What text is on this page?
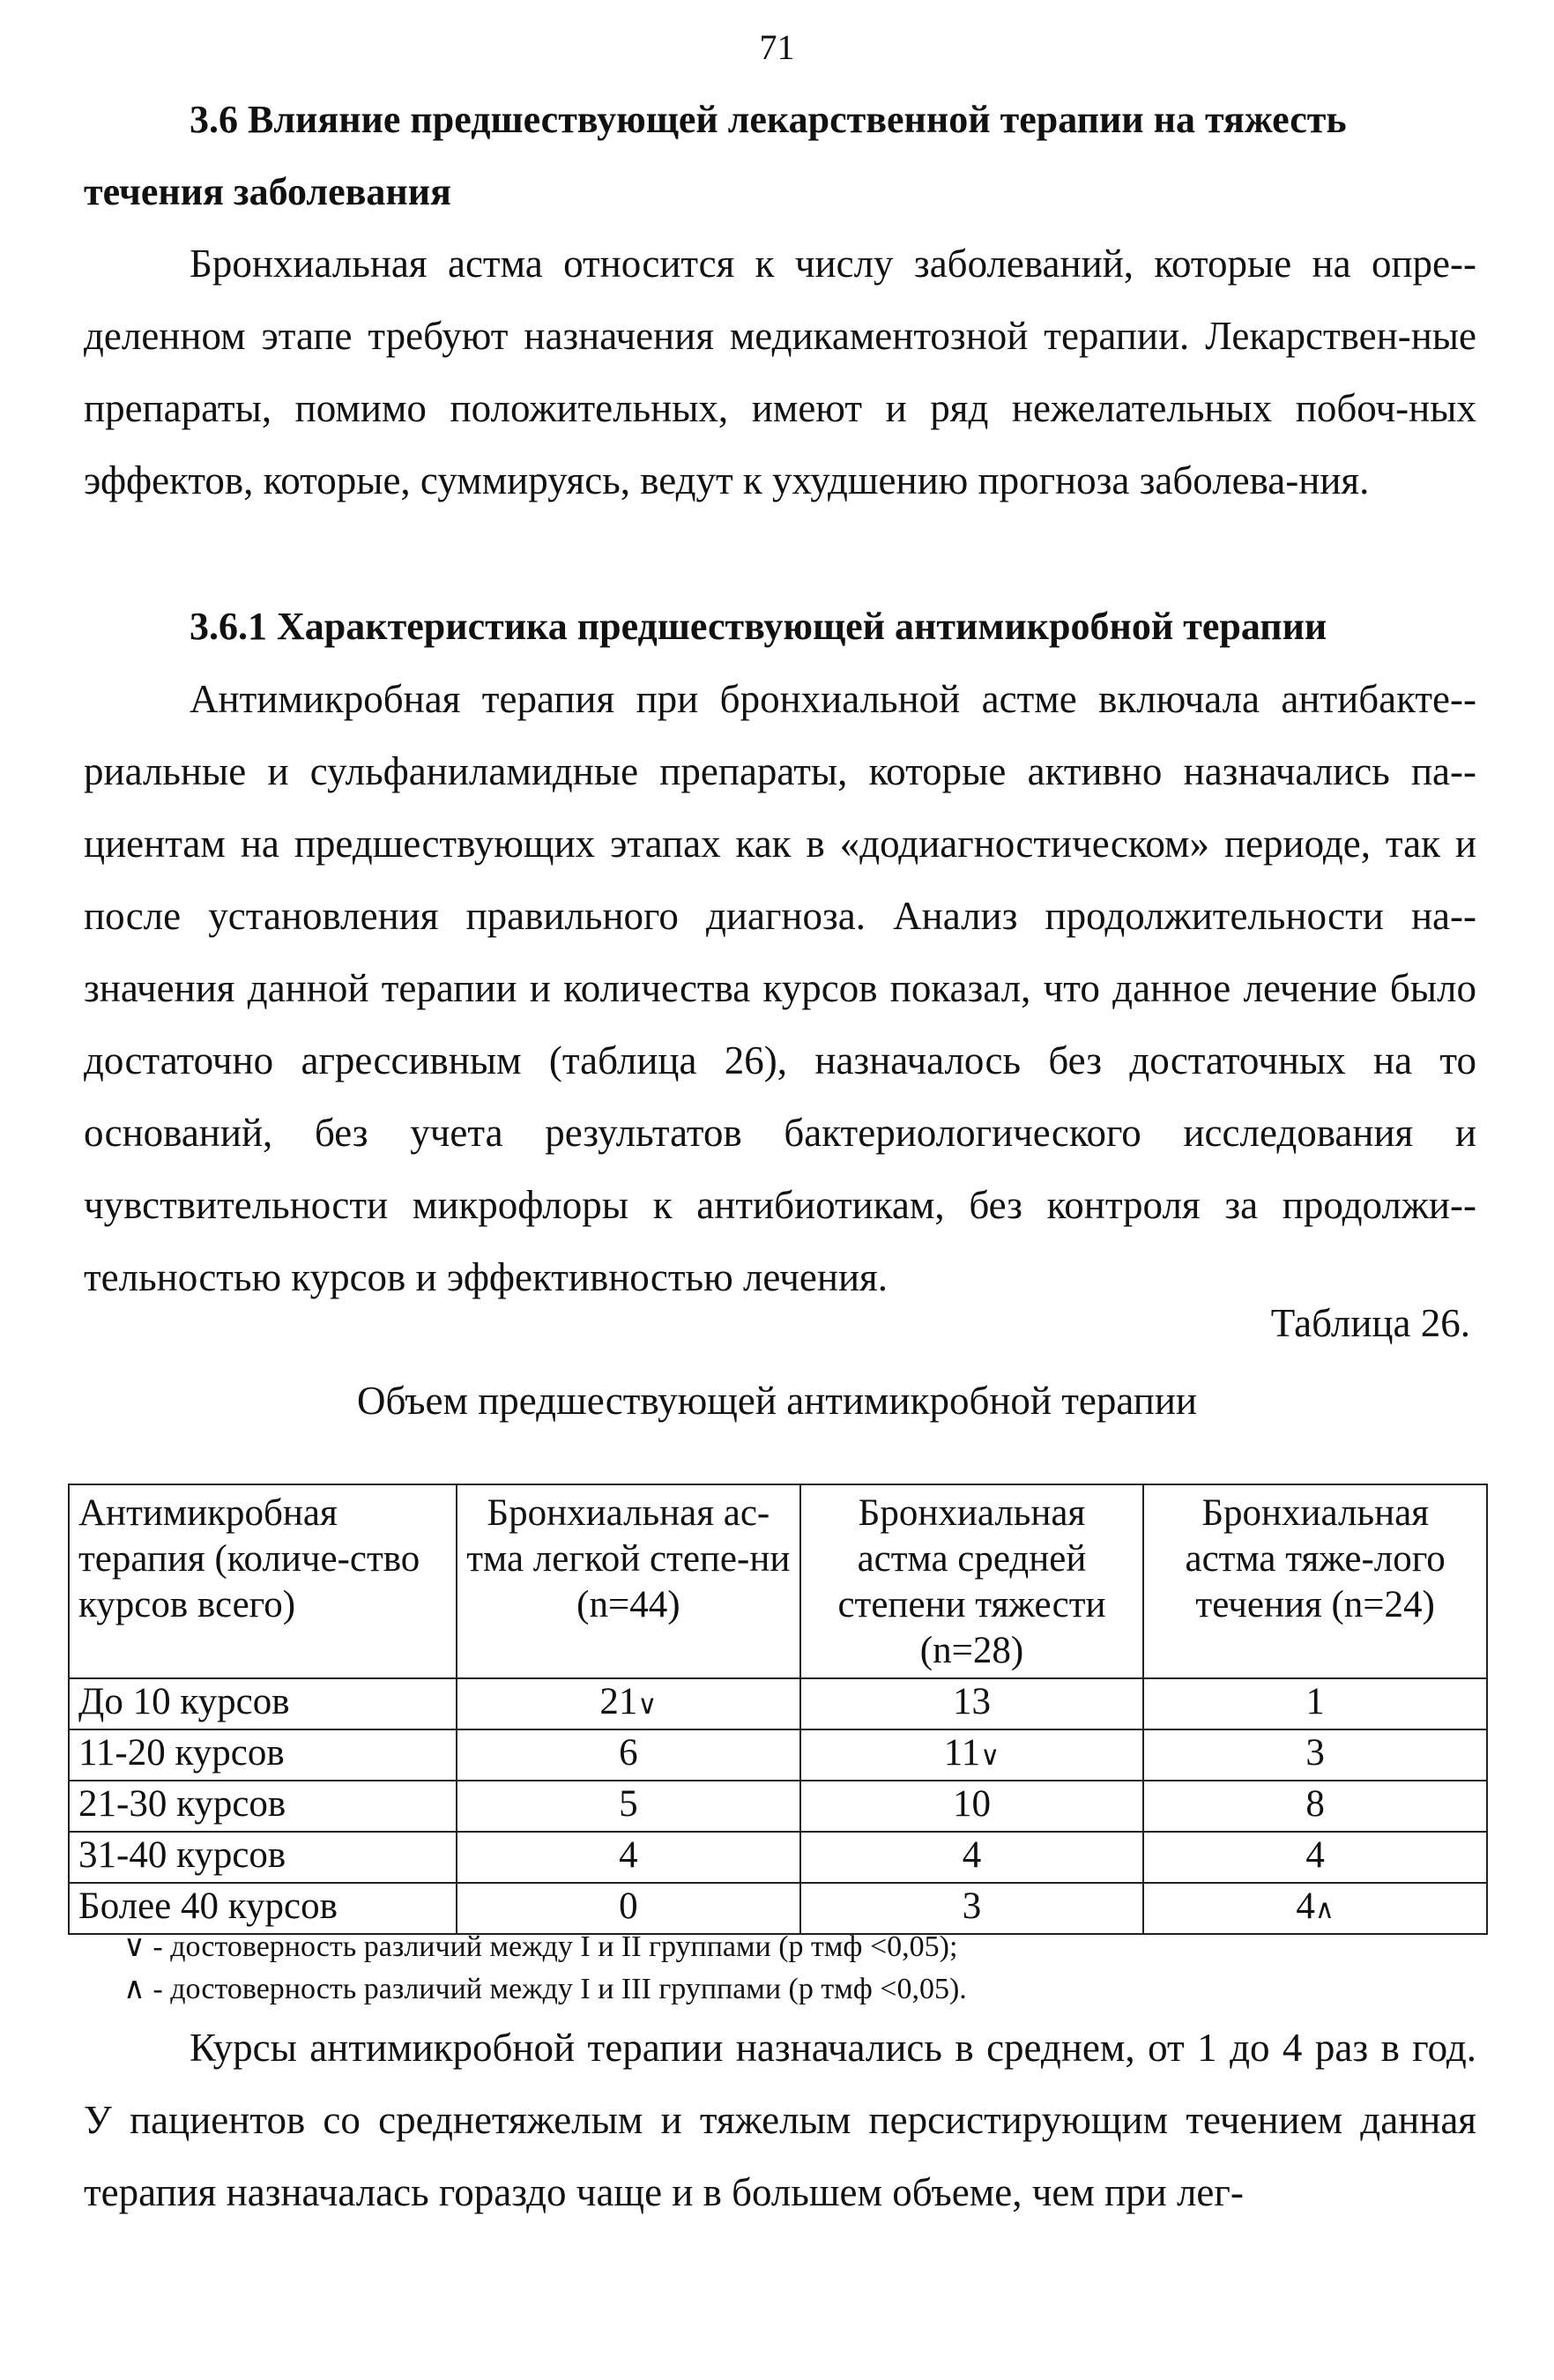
71
3.6 Влияние предшествующей лекарственной терапии на тяжесть течения заболевания
Бронхиальная астма относится к числу заболеваний, которые на опре-деленном этапе требуют назначения медикаментозной терапии. Лекарствен-ные препараты, помимо положительных, имеют и ряд нежелательных побоч-ных эффектов, которые, суммируясь, ведут к ухудшению прогноза заболева-ния.
3.6.1 Характеристика предшествующей антимикробной терапии
Антимикробная терапия при бронхиальной астме включала антибакте-риальные и сульфаниламидные препараты, которые активно назначались па-циентам на предшествующих этапах как в «додиагностическом» периоде, так и после установления правильного диагноза. Анализ продолжительности на-значения данной терапии и количества курсов показал, что данное лечение было достаточно агрессивным (таблица 26), назначалось без достаточных на то оснований, без учета результатов бактериологического исследования и чувствительности микрофлоры к антибиотикам, без контроля за продолжи-тельностью курсов и эффективностью лечения.
Таблица 26.
Объем предшествующей антимикробной терапии
Антимикробная терапия (количе-ство курсов всего)	Бронхиальная ас-тма легкой степе-ни (n=44)	Бронхиальная астма средней степени тяжести (n=28)	Бронхиальная астма тяже-лого течения (n=24)
До 10 курсов	21∨	13	1
11-20 курсов	6	11∨	3
21-30 курсов	5	10	8
31-40 курсов	4	4	4
Более 40 курсов	0	3	4∧
∨ - достоверность различий между I и II группами (р тмф <0,05);
∧ - достоверность различий между I и III группами (р тмф <0,05).
Курсы антимикробной терапии назначались в среднем, от 1 до 4 раз в год. У пациентов со среднетяжелым и тяжелым персистирующим течением данная терапия назначалась гораздо чаще и в большем объеме, чем при лег-
